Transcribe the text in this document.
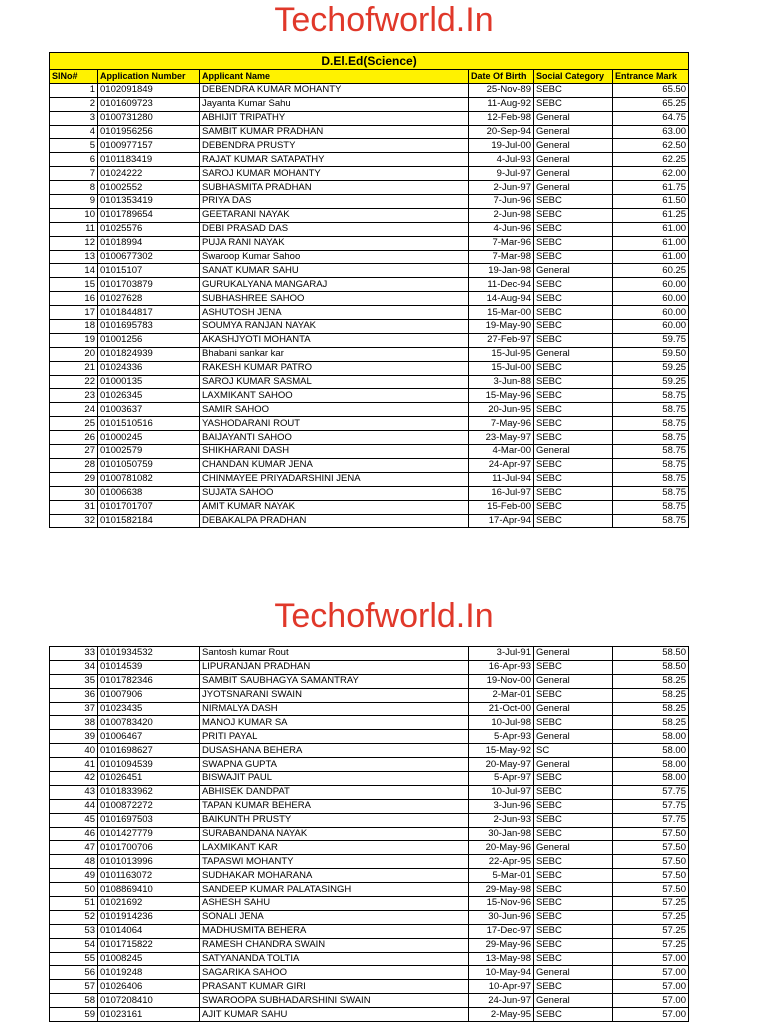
Techofworld.In
D.El.Ed(Science)					
SlNo#	Application Number	Applicant Name	Date Of Birth	Social Category	Entrance Mark
1	0102091849	DEBENDRA KUMAR MOHANTY	25-Nov-89	SEBC	65.50
2	0101609723	Jayanta Kumar Sahu	11-Aug-92	SEBC	65.25
3	0100731280	ABHIJIT TRIPATHY	12-Feb-98	General	64.75
4	0101956256	SAMBIT KUMAR PRADHAN	20-Sep-94	General	63.00
5	0100977157	DEBENDRA PRUSTY	19-Jul-00	General	62.50
6	0101183419	RAJAT KUMAR SATAPATHY	4-Jul-93	General	62.25
7	01024222	SAROJ KUMAR MOHANTY	9-Jul-97	General	62.00
8	01002552	SUBHASMITA PRADHAN	2-Jun-97	General	61.75
9	0101353419	PRIYA DAS	7-Jun-96	SEBC	61.50
10	0101789654	GEETARANI NAYAK	2-Jun-98	SEBC	61.25
11	01025576	DEBI PRASAD DAS	4-Jun-96	SEBC	61.00
12	01018994	PUJA RANI NAYAK	7-Mar-96	SEBC	61.00
13	0100677302	Swaroop Kumar Sahoo	7-Mar-98	SEBC	61.00
14	01015107	SANAT KUMAR SAHU	19-Jan-98	General	60.25
15	0101703879	GURUKALYANA MANGARAJ	11-Dec-94	SEBC	60.00
16	01027628	SUBHASHREE SAHOO	14-Aug-94	SEBC	60.00
17	0101844817	ASHUTOSH JENA	15-Mar-00	SEBC	60.00
18	0101695783	SOUMYA RANJAN NAYAK	19-May-90	SEBC	60.00
19	01001256	AKASHJYOTI MOHANTA	27-Feb-97	SEBC	59.75
20	0101824939	Bhabani sankar kar	15-Jul-95	General	59.50
21	01024336	RAKESH KUMAR PATRO	15-Jul-00	SEBC	59.25
22	01000135	SAROJ KUMAR SASMAL	3-Jun-88	SEBC	59.25
23	01026345	LAXMIKANT SAHOO	15-May-96	SEBC	58.75
24	01003637	SAMIR SAHOO	20-Jun-95	SEBC	58.75
25	0101510516	YASHODARANI ROUT	7-May-96	SEBC	58.75
26	01000245	BAIJAYANTI SAHOO	23-May-97	SEBC	58.75
27	01002579	SHIKHARANI DASH	4-Mar-00	General	58.75
28	0101050759	CHANDAN KUMAR JENA	24-Apr-97	SEBC	58.75
29	0100781082	CHINMAYEE PRIYADARSHINI JENA	11-Jul-94	SEBC	58.75
30	01006638	SUJATA SAHOO	16-Jul-97	SEBC	58.75
31	0101701707	AMIT KUMAR NAYAK	15-Feb-00	SEBC	58.75
32	0101582184	DEBAKALPA PRADHAN	17-Apr-94	SEBC	58.75
Techofworld.In
33	0101934532	Santosh kumar Rout	3-Jul-91	General	58.50
34	01014539	LIPURANJAN PRADHAN	16-Apr-93	SEBC	58.50
35	0101782346	SAMBIT SAUBHAGYA SAMANTRAY	19-Nov-00	General	58.25
36	01007906	JYOTSNARANI SWAIN	2-Mar-01	SEBC	58.25
37	01023435	NIRMALYA DASH	21-Oct-00	General	58.25
38	0100783420	MANOJ KUMAR SA	10-Jul-98	SEBC	58.25
39	01006467	PRITI PAYAL	5-Apr-93	General	58.00
40	0101698627	DUSASHANA BEHERA	15-May-92	SC	58.00
41	0101094539	SWAPNA GUPTA	20-May-97	General	58.00
42	01026451	BISWAJIT PAUL	5-Apr-97	SEBC	58.00
43	0101833962	ABHISEK DANDPAT	10-Jul-97	SEBC	57.75
44	0100872272	TAPAN KUMAR BEHERA	3-Jun-96	SEBC	57.75
45	0101697503	BAIKUNTH PRUSTY	2-Jun-93	SEBC	57.75
46	0101427779	SURABANDANA NAYAK	30-Jan-98	SEBC	57.50
47	0101700706	LAXMIKANT KAR	20-May-96	General	57.50
48	0101013996	TAPASWI MOHANTY	22-Apr-95	SEBC	57.50
49	0101163072	SUDHAKAR MOHARANA	5-Mar-01	SEBC	57.50
50	0108869410	SANDEEP KUMAR PALATASINGH	29-May-98	SEBC	57.50
51	01021692	ASHESH SAHU	15-Nov-96	SEBC	57.25
52	0101914236	SONALI JENA	30-Jun-96	SEBC	57.25
53	01014064	MADHUSMITA BEHERA	17-Dec-97	SEBC	57.25
54	0101715822	RAMESH CHANDRA SWAIN	29-May-96	SEBC	57.25
55	01008245	SATYANANDA TOLTIA	13-May-98	SEBC	57.00
56	01019248	SAGARIKA SAHOO	10-May-94	General	57.00
57	01026406	PRASANT KUMAR GIRI	10-Apr-97	SEBC	57.00
58	0107208410	SWAROOPA SUBHADARSHINI SWAIN	24-Jun-97	General	57.00
59	01023161	AJIT KUMAR SAHU	2-May-95	SEBC	57.00
